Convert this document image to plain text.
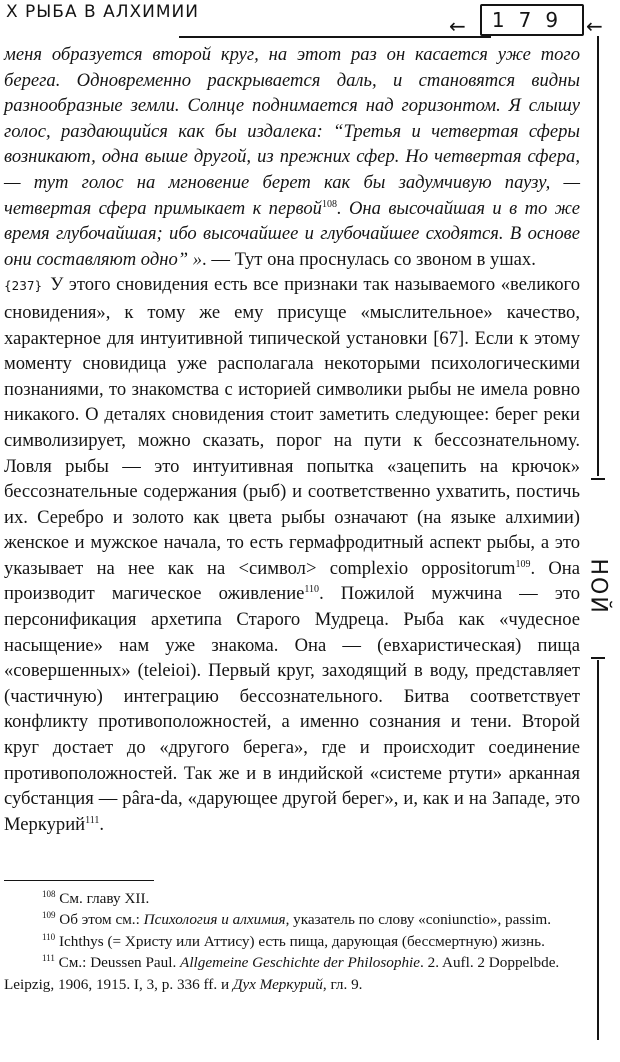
X РЫБА В АЛХИМИИ
←	179 ←
НОЙ

меня образуется второй круг, на этот раз он касается уже того берега. Одновременно раскрывается даль, и становятся видны разнообразные земли. Солнце поднимается над горизонтом. Я слышу голос, раздающийся как бы издалека: “Третья и четвертая сферы возникают, одна выше другой, из прежних сфер. Но четвертая сфера, — тут голос на мгновение берет как бы задумчивую паузу, — четвертая сфера примыкает к первой$^{108}$. Она высочайшая и в то же время глубочайшая; ибо высочайшее и глубочайшее сходятся. В основе они составляют одно” ». — Тут она проснулась со звоном в ушах.

{237} У этого сновидения есть все признаки так называемого «великого сновидения», к тому же ему присуще «мыслительное» качество, характерное для интуитивной типической установки [67]. Если к этому моменту сновидица уже располагала некоторыми психологическими познаниями, то знакомства с историей символики рыбы не имела ровно никакого. О деталях сновидения стоит заметить следующее: берег реки символизирует, можно сказать, порог на пути к бессознательному. Ловля рыбы — это интуитивная попытка «зацепить на крючок» бессознательные содержания (рыб) и соответственно ухватить, постичь их. Серебро и золото как цвета рыбы означают (на языке алхимии) женское и мужское начала, то есть гермафродитный аспект рыбы, а это указывает на нее как на <символ> complexio oppositorum$^{109}$. Она производит магическое оживление$^{110}$. Пожилой мужчина — это персонификация архетипа Старого Мудреца. Рыба как «чудесное насыщение» нам уже знакома. Она — (евхаристическая) пища «совершенных» (teleioi). Первый круг, заходящий в воду, представляет (частичную) интеграцию бессознательного. Битва соответствует конфликту противоположностей, а именно сознания и тени. Второй круг достает до «другого берега», где и происходит соединение противоположностей. Так же и в индийской «системе ртути» арканная субстанция — pâra-da, «дарующее другой берег», и, как и на Западе, это Меркурий$^{111}$.

$^{108}$ См. главу XII.

$^{109}$ Об этом см.: Психология и алхимия, указатель по слову «coniunctio», passim.

$^{110}$ Ichthys (= Христу или Аттису) есть пища, дарующая (бессмертную) жизнь.

$^{111}$ См.: Deussen Paul. Allgemeine Geschichte der Philosophie. 2. Aufl. 2 Doppelbde. Leipzig, 1906, 1915. I, 3, p. 336 ff. и Дух Меркурий, гл. 9.
